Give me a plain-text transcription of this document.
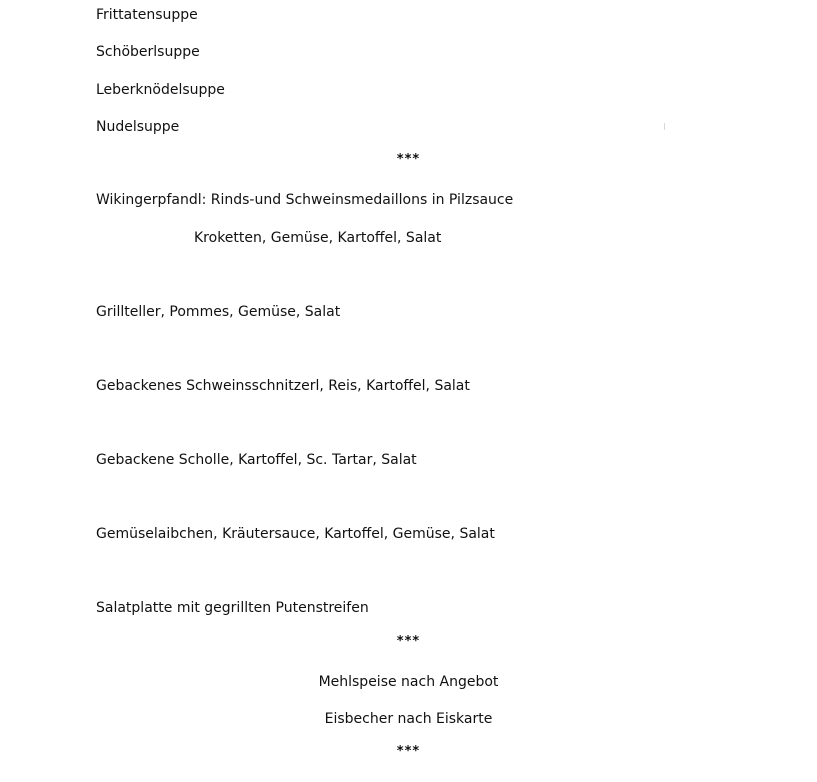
Frittatensuppe
Schöberlsuppe
Leberknödelsuppe
Nudelsuppe
***
Wikingerpfandl: Rinds-und Schweinsmedaillons in Pilzsauce
Kroketten, Gemüse, Kartoffel, Salat
Grillteller, Pommes, Gemüse, Salat
Gebackenes Schweinsschnitzerl, Reis, Kartoffel, Salat
Gebackene Scholle, Kartoffel, Sc. Tartar, Salat
Gemüselaibchen, Kräutersauce, Kartoffel, Gemüse, Salat
Salatplatte mit gegrillten Putenstreifen
***
Mehlspeise nach Angebot
Eisbecher nach Eiskarte
***
